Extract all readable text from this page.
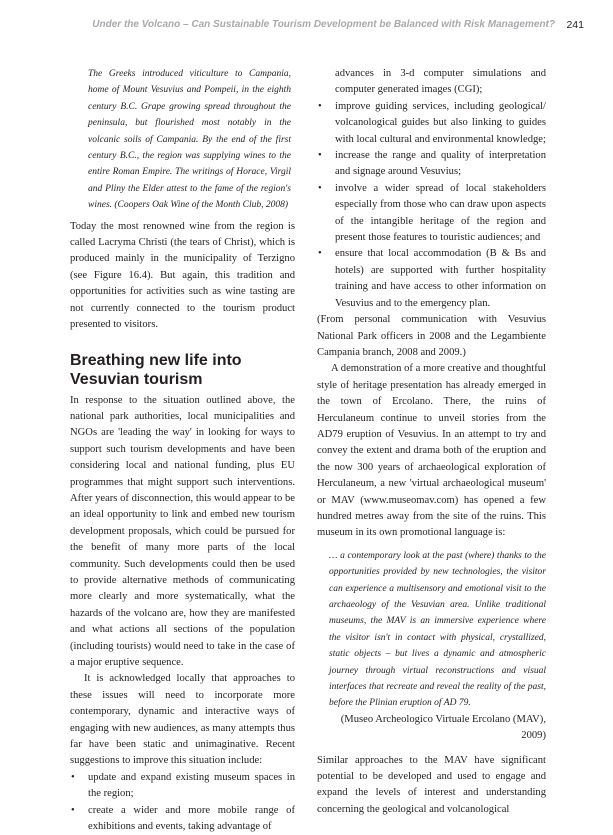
Under the Volcano – Can Sustainable Tourism Development be Balanced with Risk Management? 241

The Greeks introduced viticulture to Campania, home of Mount Vesuvius and Pompeii, in the eighth century B.C. Grape growing spread throughout the peninsula, but flourished most notably in the volcanic soils of Campania. By the end of the first century B.C., the region was supplying wines to the entire Roman Empire. The writings of Horace, Virgil and Pliny the Elder attest to the fame of the region's wines. (Coopers Oak Wine of the Month Club, 2008)

Today the most renowned wine from the region is called Lacryma Christi (the tears of Christ), which is produced mainly in the municipality of Terzigno (see Figure 16.4). But again, this tradition and opportunities for activities such as wine tasting are not currently connected to the tourism product presented to visitors.

Breathing new life into Vesuvian tourism

In response to the situation outlined above, the national park authorities, local municipalities and NGOs are 'leading the way' in looking for ways to support such tourism developments and have been considering local and national funding, plus EU programmes that might support such interventions. After years of disconnection, this would appear to be an ideal opportunity to link and embed new tourism development proposals, which could be pursued for the benefit of many more parts of the local community. Such developments could then be used to provide alternative methods of communicating more clearly and more systematically, what the hazards of the volcano are, how they are manifested and what actions all sections of the population (including tourists) would need to take in the case of a major eruptive sequence.

It is acknowledged locally that approaches to these issues will need to incorporate more contemporary, dynamic and interactive ways of engaging with new audiences, as many attempts thus far have been static and unimaginative. Recent suggestions to improve this situation include:

• update and expand existing museum spaces in the region;
• create a wider and more mobile range of exhibitions and events, taking advantage of

advances in 3-d computer simulations and computer generated images (CGI);

• improve guiding services, including geological/ volcanological guides but also linking to guides with local cultural and environmental knowledge;
• increase the range and quality of interpretation and signage around Vesuvius;
• involve a wider spread of local stakeholders especially from those who can draw upon aspects of the intangible heritage of the region and present those features to touristic audiences; and
• ensure that local accommodation (B & Bs and hotels) are supported with further hospitality training and have access to other information on Vesuvius and to the emergency plan.

(From personal communication with Vesuvius National Park officers in 2008 and the Legambiente Campania branch, 2008 and 2009.)

A demonstration of a more creative and thoughtful style of heritage presentation has already emerged in the town of Ercolano. There, the ruins of Herculaneum continue to unveil stories from the AD79 eruption of Vesuvius. In an attempt to try and convey the extent and drama both of the eruption and the now 300 years of archaeological exploration of Herculaneum, a new 'virtual archaeological museum' or MAV (www.museomav.com) has opened a few hundred metres away from the site of the ruins. This museum in its own promotional language is:

… a contemporary look at the past (where) thanks to the opportunities provided by new technologies, the visitor can experience a multisensory and emotional visit to the archaeology of the Vesuvian area. Unlike traditional museums, the MAV is an immersive experience where the visitor isn't in contact with physical, crystallized, static objects – but lives a dynamic and atmospheric journey through virtual reconstructions and visual interfaces that recreate and reveal the reality of the past, before the Plinian eruption of AD 79.

(Museo Archeologico Virtuale Ercolano (MAV), 2009)

Similar approaches to the MAV have significant potential to be developed and used to engage and expand the levels of interest and understanding concerning the geological and volcanological
